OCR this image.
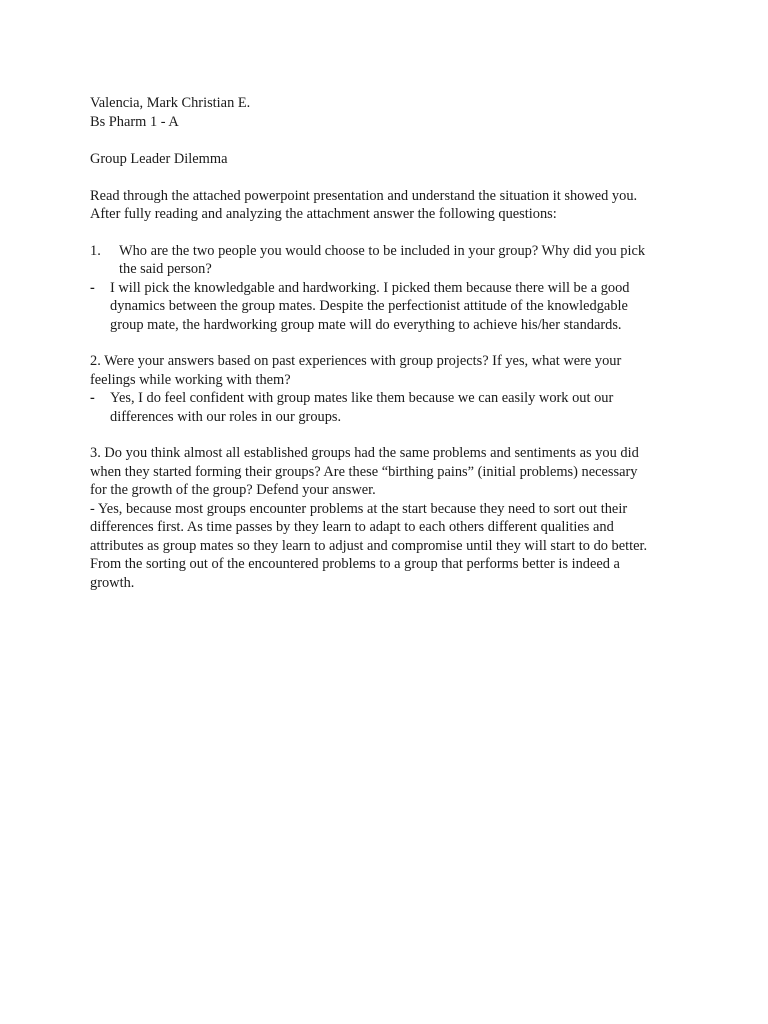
Valencia, Mark Christian E.
Bs Pharm 1 - A

Group Leader Dilemma

Read through the attached powerpoint presentation and understand the situation it showed you.
After fully reading and analyzing the attachment answer the following questions:
1. Who are the two people you would choose to be included in your group? Why did you pick
the said person?
- I will pick the knowledgable and hardworking. I picked them because there will be a good
dynamics between the group mates. Despite the perfectionist attitude of the knowledgable
group mate, the hardworking group mate will do everything to achieve his/her standards.
2. Were your answers based on past experiences with group projects? If yes, what were your
feelings while working with them?
- Yes, I do feel confident with group mates like them because we can easily work out our
differences with our roles in our groups.
3. Do you think almost all established groups had the same problems and sentiments as you did
when they started forming their groups? Are these “birthing pains” (initial problems) necessary
for the growth of the group? Defend your answer.
- Yes, because most groups encounter problems at the start because they need to sort out their
differences first. As time passes by they learn to adapt to each others different qualities and
attributes as group mates so they learn to adjust and compromise until they will start to do better.
From the sorting out of the encountered problems to a group that performs better is indeed a
growth.
